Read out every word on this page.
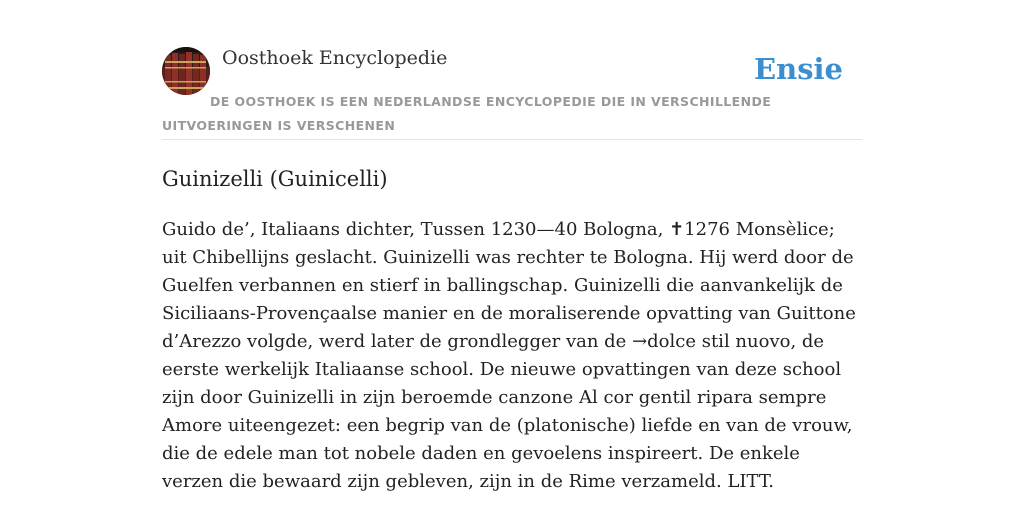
Oosthoek Encyclopedie	Ensie
DE OOSTHOEK IS EEN NEDERLANDSE ENCYCLOPEDIE DIE IN VERSCHILLENDE UITVOERINGEN IS VERSCHENEN
Guinizelli (Guinicelli)

Guido de’, Italiaans dichter, Tussen 1230—40 Bologna, ✝1276 Monsèlice; uit Chibellijns geslacht. Guinizelli was rechter te Bologna. Hij werd door de Guelfen verbannen en stierf in ballingschap. Guinizelli die aanvankelijk de Siciliaans-Provençaalse manier en de moraliserende opvatting van Guittone d’Arezzo volgde, werd later de grondlegger van de →dolce stil nuovo, de eerste werkelijk Italiaanse school. De nieuwe opvattingen van deze school zijn door Guinizelli in zijn beroemde canzone Al cor gentil ripara sempre Amore uiteengezet: een begrip van de (platonische) liefde en van de vrouw, die de edele man tot nobele daden en gevoelens inspireert. De enkele verzen die bewaard zijn gebleven, zijn in de Rime verzameld. LITT.
